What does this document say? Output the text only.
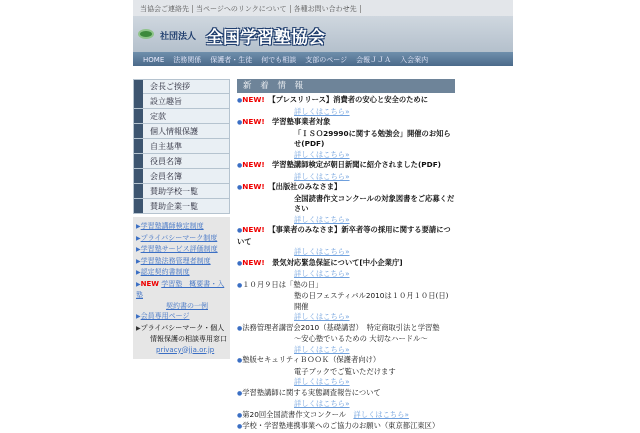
当協会ご連絡先 当ページへのリンクについて 各種お問い合わせ先
社団法人 全国学習塾協会
HOME 法務関係 保護者・生徒 何でも相談 支部のページ 会報ＪＪＡ 入会案内
会長ご挨拶
設立趣旨
定款
個人情報保護
自主基準
役員名簿
会員名簿
賛助学校一覧
賛助企業一覧
▶学習塾講師検定制度
▶プライバシーマーク制度
▶学習塾サービス評価制度
▶学習塾法務管理者制度
▶認定契約書制度
▶NEW 学習塾　概要書・入塾
契約書の一例
▶会員専用ページ
▶プライバシーマーク・個人
情報保護の相談専用窓口
privacy@jja.or.jp
新 着 情 報
●NEW!　 【プレスリリース】消費者の安心と安全のために
詳しくはこちら»
●NEW!　 学習塾事業者対象
「ＩＳＯ29990に関する勉強会」開催のお知らせ(PDF)
詳しくはこちら»
●NEW!　 学習塾講師検定が朝日新聞に紹介されました(PDF)
詳しくはこちら»
●NEW!　 【出版社のみなさま】
全国読書作文コンクールの対象図書をご応募ください
詳しくはこちら»
●NEW!　 【事業者のみなさま】新卒者等の採用に関する要請について
詳しくはこちら»
●NEW!　 景気対応緊急保証について[中小企業庁]
詳しくはこちら»
●１０月９日は「塾の日」
塾の日フェスティバル2010は１０月１０日(日)開催
詳しくはこちら»
●法務管理者講習会2010（基礎講習）　特定商取引法と学習塾
〜安心塾でいるための 大切なハードル〜　
詳しくはこちら»
●塾版セキュリティＢＯＯＫ（保護者向け）
電子ブックでご覧いただけます　　
詳しくはこちら»
●学習塾講師に関する実態調査報告について
詳しくはこちら»
●第20回全国読書作文コンクール　詳しくはこちら»
●学校・学習塾連携事業へのご協力のお願い（東京都江東区）
